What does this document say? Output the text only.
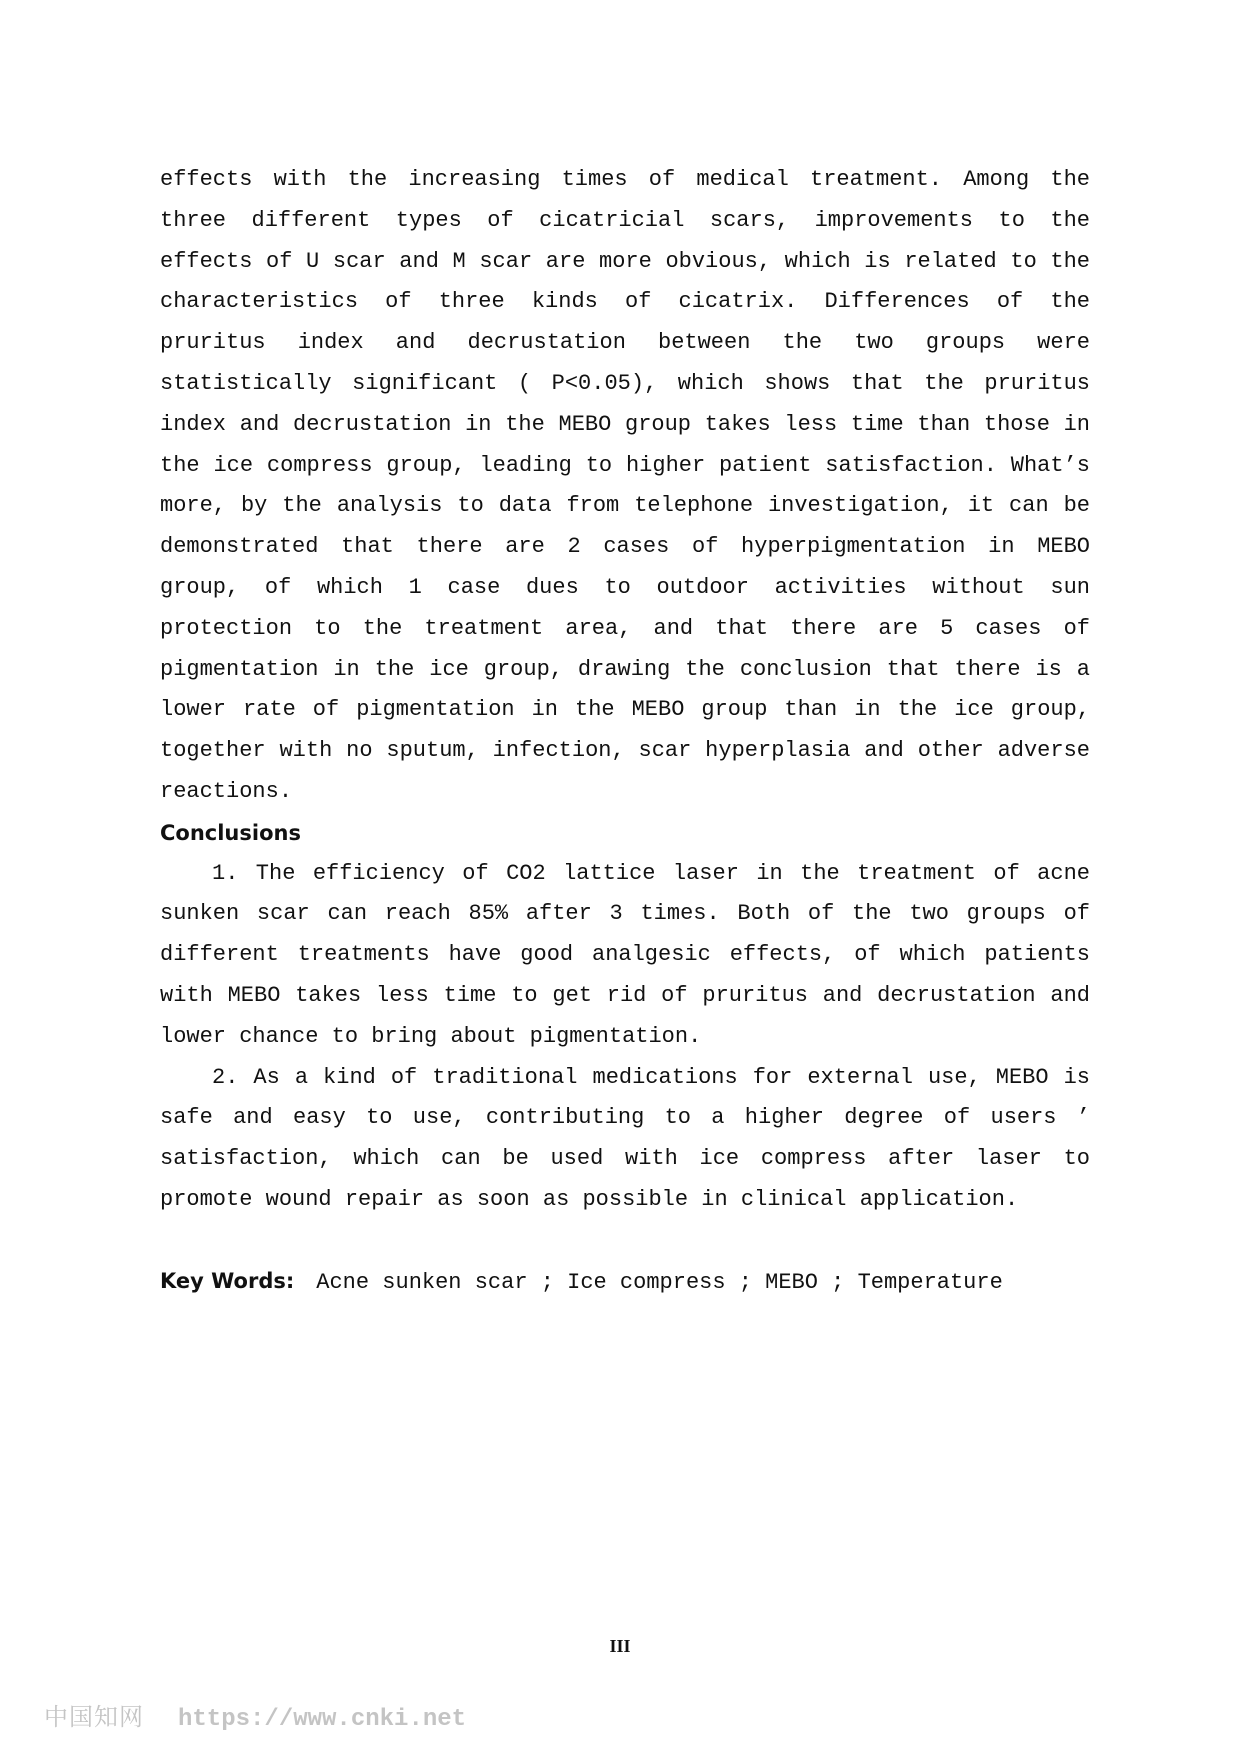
effects with the increasing times of medical treatment. Among the three different types of cicatricial scars, improvements to the effects of U scar and M scar are more obvious, which is related to the characteristics of three kinds of cicatrix. Differences of the pruritus index and decrustation between the two groups were statistically significant ( P<0.05), which shows that the pruritus index and decrustation in the MEBO group takes less time than those in the ice compress group, leading to higher patient satisfaction. What’s more, by the analysis to data from telephone investigation, it can be demonstrated that there are 2 cases of hyperpigmentation in MEBO group, of which 1 case dues to outdoor activities without sun protection to the treatment area, and that there are 5 cases of pigmentation in the ice group, drawing the conclusion that there is a lower rate of pigmentation in the MEBO group than in the ice group, together with no sputum, infection, scar hyperplasia and other adverse reactions.

Conclusions

1. The efficiency of CO2 lattice laser in the treatment of acne sunken scar can reach 85% after 3 times. Both of the two groups of different treatments have good analgesic effects, of which patients with MEBO takes less time to get rid of pruritus and decrustation and lower chance to bring about pigmentation.

2. As a kind of traditional medications for external use, MEBO is safe and easy to use, contributing to a higher degree of users ’ satisfaction, which can be used with ice compress after laser to promote wound repair as soon as possible in clinical application.

Key Words: Acne sunken scar ; Ice compress ; MEBO ; Temperature

III
中国知网 https://www.cnki.net
